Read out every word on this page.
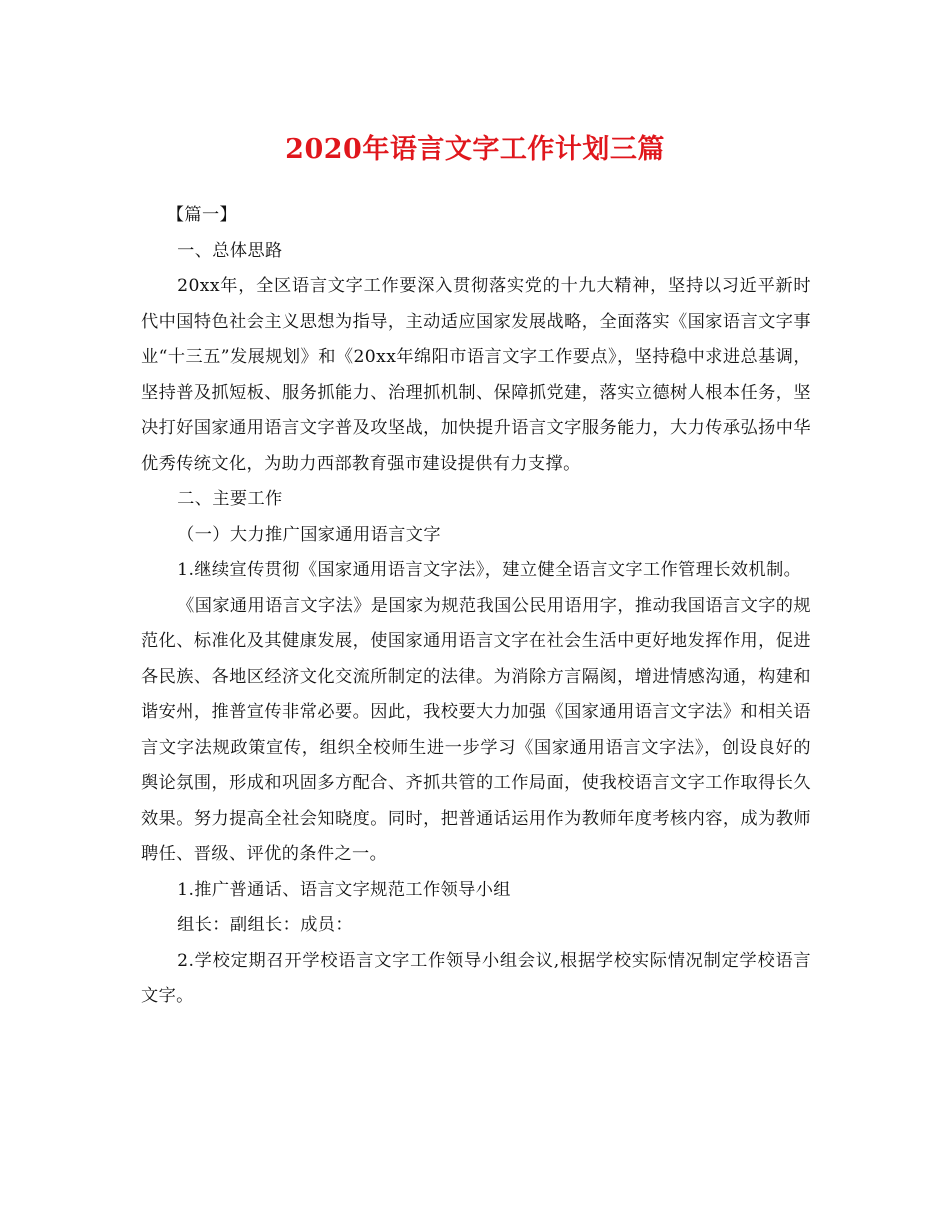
2020年语言文字工作计划三篇

【篇一】

一、总体思路

20xx年，全区语言文字工作要深入贯彻落实党的十九大精神，坚持以习近平新时代中国特色社会主义思想为指导，主动适应国家发展战略，全面落实《国家语言文字事业“十三五”发展规划》和《20xx年绵阳市语言文字工作要点》，坚持稳中求进总基调，坚持普及抓短板、服务抓能力、治理抓机制、保障抓党建，落实立德树人根本任务，坚决打好国家通用语言文字普及攻坚战，加快提升语言文字服务能力，大力传承弘扬中华优秀传统文化，为助力西部教育强市建设提供有力支撑。

二、主要工作

（一）大力推广国家通用语言文字

1.继续宣传贯彻《国家通用语言文字法》，建立健全语言文字工作管理长效机制。

《国家通用语言文字法》是国家为规范我国公民用语用字，推动我国语言文字的规范化、标准化及其健康发展，使国家通用语言文字在社会生活中更好地发挥作用，促进各民族、各地区经济文化交流所制定的法律。为消除方言隔阂，增进情感沟通，构建和谐安州，推普宣传非常必要。因此，我校要大力加强《国家通用语言文字法》和相关语言文字法规政策宣传，组织全校师生进一步学习《国家通用语言文字法》，创设良好的舆论氛围，形成和巩固多方配合、齐抓共管的工作局面，使我校语言文字工作取得长久效果。努力提高全社会知晓度。同时，把普通话运用作为教师年度考核内容，成为教师聘任、晋级、评优的条件之一。

1.推广普通话、语言文字规范工作领导小组

组长：副组长：成员：

2.学校定期召开学校语言文字工作领导小组会议,根据学校实际情况制定学校语言文字。
